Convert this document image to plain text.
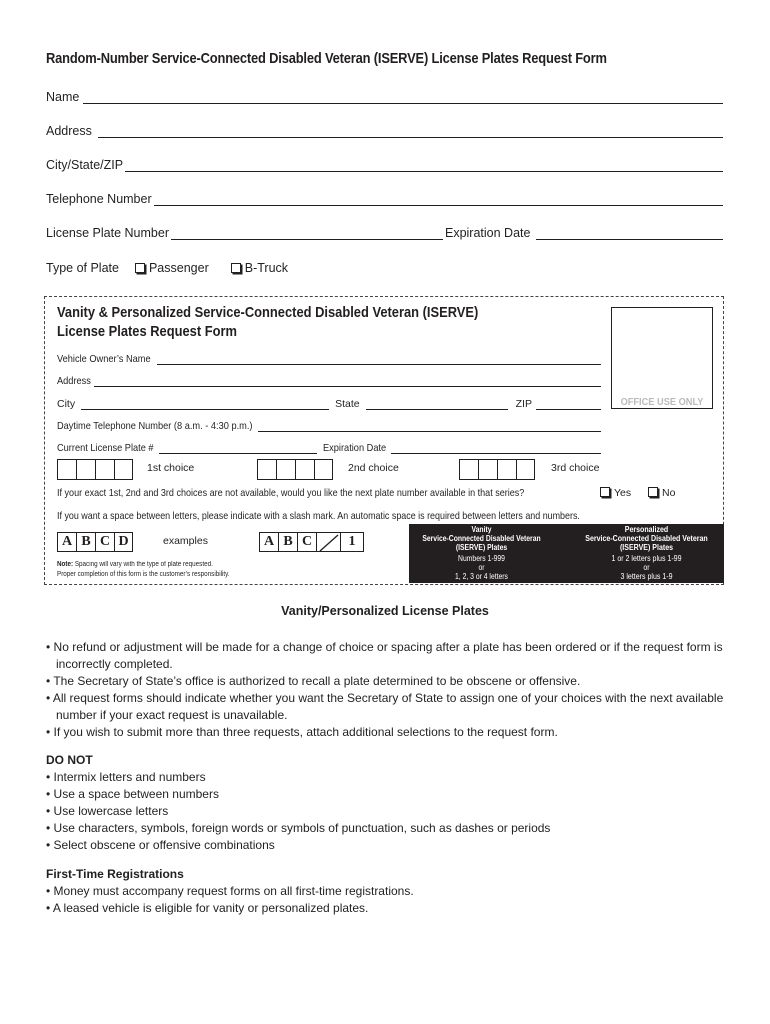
Random-Number Service-Connected Disabled Veteran (ISERVE) License Plates Request Form
Name
Address
City/State/ZIP
Telephone Number
License Plate Number	Expiration Date
Type of Plate	Passenger	B-Truck
Vanity & Personalized Service-Connected Disabled Veteran (ISERVE)
License Plates Request Form
OFFICE USE ONLY
Vehicle Owner’s Name
Address
City	State	ZIP
Daytime Telephone Number (8 a.m. - 4:30 p.m.)
Current License Plate #	Expiration Date
1st choice	2nd choice	3rd choice
If your exact 1st, 2nd and 3rd choices are not available, would you like the next plate number available in that series?	Yes	No
If you want a space between letters, please indicate with a slash mark. An automatic space is required between letters and numbers.
A B C D	examples	A B C	1
Note: Spacing will vary with the type of plate requested.
Proper completion of this form is the customer’s responsibility.
Vanity
Service-Connected Disabled Veteran
(ISERVE) Plates
Numbers 1-999
or
1, 2, 3 or 4 letters
Personalized
Service-Connected Disabled Veteran
(ISERVE) Plates
1 or 2 letters plus 1-99
or
3 letters plus 1-9
Vanity/Personalized License Plates

• No refund or adjustment will be made for a change of choice or spacing after a plate has been ordered or if the request form is incorrectly completed.

• The Secretary of State’s office is authorized to recall a plate determined to be obscene or offensive.

• All request forms should indicate whether you want the Secretary of State to assign one of your choices with the next available number if your exact request is unavailable.

• If you wish to submit more than three requests, attach additional selections to the request form.

DO NOT

• Intermix letters and numbers

• Use a space between numbers

• Use lowercase letters

• Use characters, symbols, foreign words or symbols of punctuation, such as dashes or periods

• Select obscene or offensive combinations

First-Time Registrations

• Money must accompany request forms on all first-time registrations.

• A leased vehicle is eligible for vanity or personalized plates.
